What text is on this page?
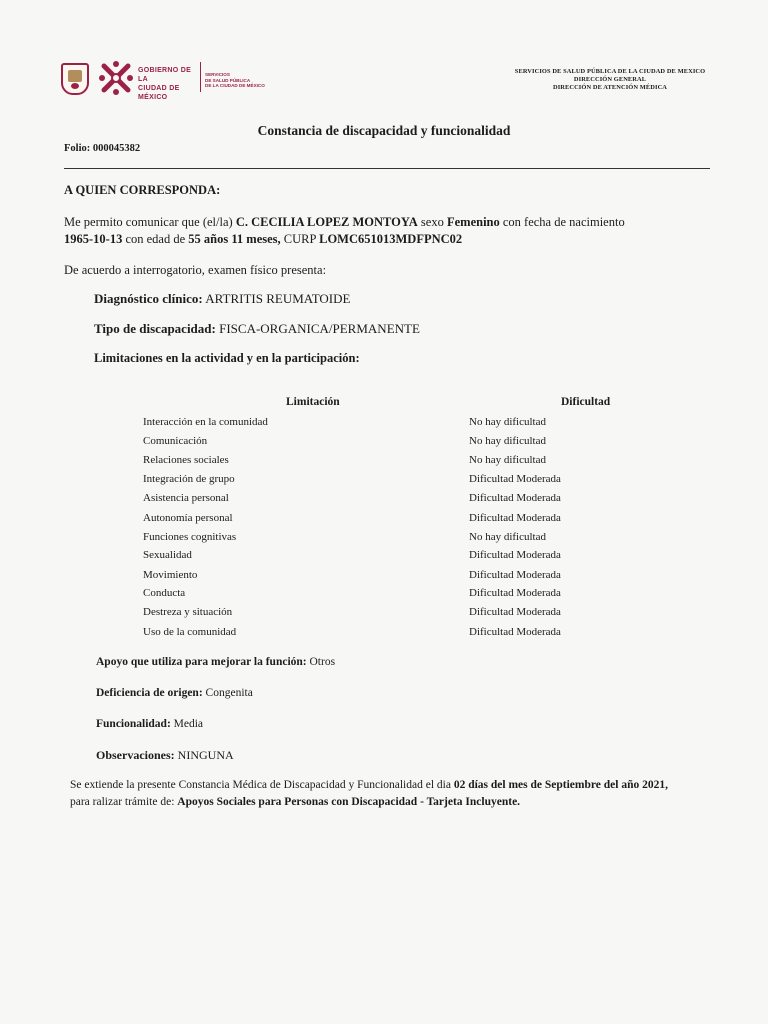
GOBIERNO DE LA
CIUDAD DE MÉXICO
SERVICIOS
DE SALUD PÚBLICA
DE LA CIUDAD DE MÉXICO
SERVICIOS DE SALUD PÚBLICA DE LA CIUDAD DE MEXICO
DIRECCIÓN GENERAL
DIRECCIÓN DE ATENCIÓN MÉDICA
Constancia de discapacidad y funcionalidad
Folio: 000045382
A QUIEN CORRESPONDA:
Me permito comunicar que (el/la) C. CECILIA LOPEZ MONTOYA sexo Femenino con fecha de nacimiento
1965-10-13 con edad de 55 años 11 meses, CURP LOMC651013MDFPNC02
De acuerdo a interrogatorio, examen físico presenta:
Diagnóstico clínico: ARTRITIS REUMATOIDE
Tipo de discapacidad: FISCA-ORGANICA/PERMANENTE
Limitaciones en la actividad y en la participación:
Limitación	Dificultad
Interacción en la comunidad	No hay dificultad
Comunicación	No hay dificultad
Relaciones sociales	No hay dificultad
Integración de grupo	Dificultad Moderada
Asistencia personal	Dificultad Moderada
Autonomía personal	Dificultad Moderada
Funciones cognitivas	No hay dificultad
Sexualidad	Dificultad Moderada
Movimiento	Dificultad Moderada
Conducta	Dificultad Moderada
Destreza y situación	Dificultad Moderada
Uso de la comunidad	Dificultad Moderada
Apoyo que utiliza para mejorar la función: Otros
Deficiencia de origen: Congenita
Funcionalidad: Media
Observaciones: NINGUNA
Se extiende la presente Constancia Médica de Discapacidad y Funcionalidad el dia 02 días del mes de Septiembre del año 2021,
para ralizar trámite de: Apoyos Sociales para Personas con Discapacidad - Tarjeta Incluyente.
